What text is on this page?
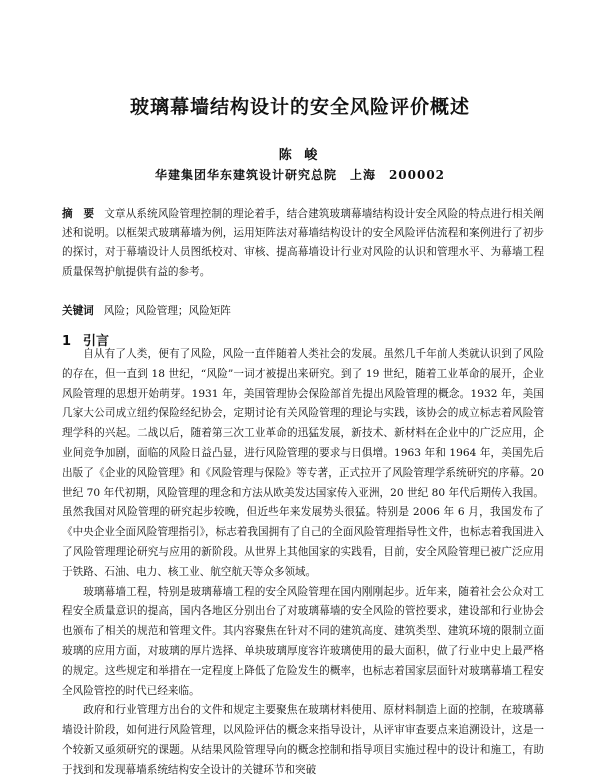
玻璃幕墙结构设计的安全风险评价概述
陈 峻
华建集团华东建筑设计研究总院　上海　200002
摘　要 文章从系统风险管理控制的理论着手，结合建筑玻璃幕墙结构设计安全风险的特点进行相关阐述和说明。以框架式玻璃幕墙为例，运用矩阵法对幕墙结构设计的安全风险评估流程和案例进行了初步的探讨，对于幕墙设计人员图纸校对、审核、提高幕墙设计行业对风险的认识和管理水平、为幕墙工程质量保驾护航提供有益的参考。
关键词 风险；风险管理；风险矩阵
1 引言

自从有了人类，便有了风险，风险一直伴随着人类社会的发展。虽然几千年前人类就认识到了风险的存在，但一直到 18 世纪，“风险”一词才被提出来研究。到了 19 世纪，随着工业革命的展开，企业风险管理的思想开始萌芽。1931 年，美国管理协会保险部首先提出风险管理的概念。1932 年，美国几家大公司成立纽约保险经纪协会，定期讨论有关风险管理的理论与实践，该协会的成立标志着风险管理学科的兴起。二战以后，随着第三次工业革命的迅猛发展，新技术、新材料在企业中的广泛应用，企业间竞争加剧，面临的风险日益凸显，进行风险管理的要求与日俱增。1963 年和 1964 年，美国先后出版了《企业的风险管理》和《风险管理与保险》等专著，正式拉开了风险管理学系统研究的序幕。20 世纪 70 年代初期，风险管理的理念和方法从欧美发达国家传入亚洲，20 世纪 80 年代后期传入我国。虽然我国对风险管理的研究起步较晚，但近些年来发展势头很猛。特别是 2006 年 6 月，我国发布了《中央企业全面风险管理指引》，标志着我国拥有了自己的全面风险管理指导性文件，也标志着我国进入了风险管理理论研究与应用的新阶段。从世界上其他国家的实践看，目前，安全风险管理已被广泛应用于铁路、石油、电力、核工业、航空航天等众多领域。

玻璃幕墙工程，特别是玻璃幕墙工程的安全风险管理在国内刚刚起步。近年来，随着社会公众对工程安全质量意识的提高，国内各地区分别出台了对玻璃幕墙的安全风险的管控要求，建设部和行业协会也颁布了相关的规范和管理文件。其内容聚焦在针对不同的建筑高度、建筑类型、建筑环境的限制立面玻璃的应用方面，对玻璃的厚片选择、单块玻璃厚度容许玻璃使用的最大面积，做了行业中史上最严格的规定。这些规定和举措在一定程度上降低了危险发生的概率，也标志着国家层面针对玻璃幕墙工程安全风险管控的时代已经来临。

政府和行业管理方出台的文件和规定主要聚焦在玻璃材料使用、原材料制造上面的控制，在玻璃幕墙设计阶段，如何进行风险管理，以风险评估的概念来指导设计，从评审审查要点来追溯设计，这是一个较新又亟须研究的课题。从结果风险管理导向的概念控制和指导项目实施过程中的设计和施工，有助于找到和发现幕墙系统结构安全设计的关键环节和突破
